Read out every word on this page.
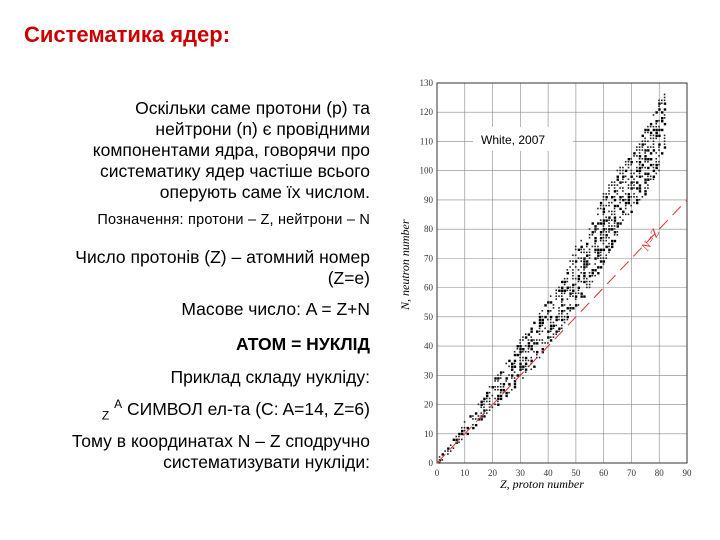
Систематика ядер:
Оскільки саме протони (p) та
нейтрони (n) є провідними
компонентами ядра, говорячи про
систематику ядер частіше всього
оперують саме їх числом.
Позначення: протони – Z, нейтрони – N
Число протонів (Z) – атомний номер
(Z=e)
Масове число: A = Z+N
АТОМ = НУКЛІД
Приклад складу нукліду:
$_Z$ $^A$ СИМВОЛ ел-та (C: A=14, Z=6)
Тому в координатах N – Z сподручно
систематизувати нукліди:
N=Z
0 10 20 30 40 50 60 70 80 90
0
10
20
30
40
50
60
70
80
90
100
110
120
130
White, 2007
Z, proton number
N, neutron number
